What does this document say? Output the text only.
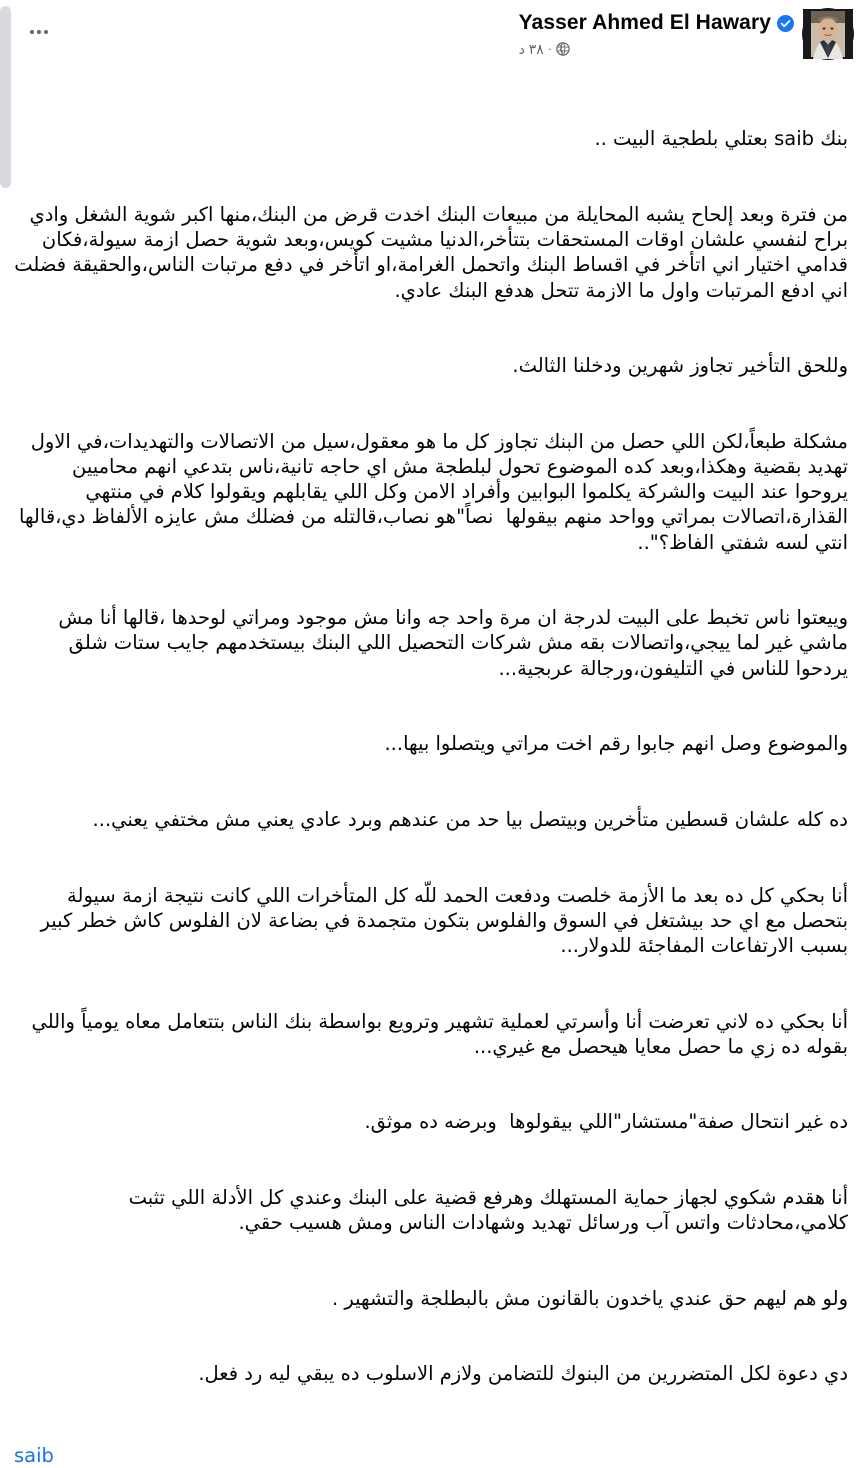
Yasser Ahmed El Hawary
٣٨ د ·

بنك saib بعتلي بلطجية البيت ..

من فترة وبعد إلحاح يشبه المحايلة من مبيعات البنك اخدت قرض من البنك،منها اكبر شوية الشغل وادي براح لنفسي علشان اوقات المستحقات بتتأخر،الدنيا مشيت كويس،وبعد شوية حصل ازمة سيولة،فكان قدامي اختيار اني اتأخر في اقساط البنك واتحمل الغرامة،او اتأخر في دفع مرتبات الناس،والحقيقة فضلت اني ادفع المرتبات واول ما الازمة تتحل هدفع البنك عادي.

وللحق التأخير تجاوز شهرين ودخلنا الثالث.

مشكلة طبعاً،لكن اللي حصل من البنك تجاوز كل ما هو معقول،سيل من الاتصالات والتهديدات،في الاول تهديد بقضية وهكذا،وبعد كده الموضوع تحول لبلطجة مش اي حاجه تانية،ناس بتدعي انهم محاميين يروحوا عند البيت والشركة يكلموا البوابين وأفراد الامن وكل اللي يقابلهم ويقولوا كلام في منتهي القذارة،اتصالات بمراتي وواحد منهم بيقولها  نصاً"هو نصاب،قالتله من فضلك مش عايزه الألفاظ دي،قالها انتي لسه شفتي الفاظ؟"..

وييعتوا ناس تخبط على البيت لدرجة ان مرة واحد جه وانا مش موجود ومراتي لوحدها ،قالها أنا مش ماشي غير لما ييجي،واتصالات بقه مش شركات التحصيل اللي البنك بيستخدمهم جايب ستات شلق يردحوا للناس في التليفون،ورجالة عربجية...

والموضوع وصل انهم جابوا رقم اخت مراتي ويتصلوا بيها...

ده كله علشان قسطين متأخرين وبيتصل بيا حد من عندهم وبرد عادي يعني مش مختفي يعني...

أنا بحكي كل ده بعد ما الأزمة خلصت ودفعت الحمد للّه كل المتأخرات اللي كانت نتيجة ازمة سيولة بتحصل مع اي حد بيشتغل في السوق والفلوس بتكون متجمدة في بضاعة لان الفلوس كاش خطر كبير بسبب الارتفاعات المفاجئة للدولار...

أنا بحكي ده لاني تعرضت أنا وأسرتي لعملية تشهير وترويع بواسطة بنك الناس بتتعامل معاه يومياً واللي بقوله ده زي ما حصل معايا هيحصل مع غيري...

ده غير انتحال صفة"مستشار"اللي بيقولوها  وبرضه ده موثق.

أنا هقدم شكوي لجهاز حماية المستهلك وهرفع قضية على البنك وعندي كل الأدلة اللي تثبت كلامي،محادثات واتس آب ورسائل تهديد وشهادات الناس ومش هسيب حقي.

ولو هم ليهم حق عندي ياخدون بالقانون مش بالبطلجة والتشهير .

دي دعوة لكل المتضررين من البنوك للتضامن ولازم الاسلوب ده يبقي ليه رد فعل.

saib
